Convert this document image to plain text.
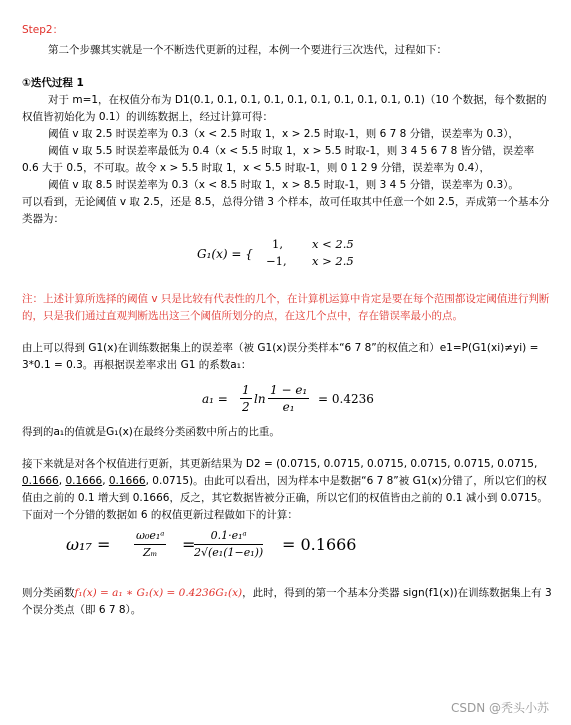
Step2：

第二个步骤其实就是一个不断迭代更新的过程，本例一个要进行三次迭代，过程如下：

①迭代过程 1

对于 m=1，在权值分布为 D1(0.1, 0.1, 0.1, 0.1, 0.1, 0.1, 0.1, 0.1, 0.1, 0.1)（10 个数据，每个数据的权值皆初始化为 0.1）的训练数据上，经过计算可得：

阈值 v 取 2.5 时误差率为 0.3（x < 2.5 时取 1，x > 2.5 时取-1，则 6 7 8 分错，误差率为 0.3），

阈值 v 取 5.5 时误差率最低为 0.4（x < 5.5 时取 1，x > 5.5 时取-1，则 3 4 5 6 7 8 皆分错，误差率 0.6 大于 0.5，不可取。故令 x > 5.5 时取 1，x < 5.5 时取-1，则 0 1 2 9 分错，误差率为 0.4），

阈值 v 取 8.5 时误差率为 0.3（x < 8.5 时取 1，x > 8.5 时取-1，则 3 4 5 分错，误差率为 0.3）。

可以看到，无论阈值 v 取 2.5，还是 8.5，总得分错 3 个样本，故可任取其中任意一个如 2.5，弄成第一个基本分类器为：

G₁(x) = {
1,	x < 2.5
−1, x > 2.5

注：上述计算所选择的阈值 v 只是比较有代表性的几个，在计算机运算中肯定是要在每个范围都设定阈值进行判断的，只是我们通过直观判断选出这三个阈值所划分的点，在这几个点中，存在错误率最小的点。

由上可以得到 G1(x)在训练数据集上的误差率（被 G1(x)误分类样本“6 7 8”的权值之和）e1=P(G1(xi)≠yi) = 3*0.1 = 0.3。再根据误差率求出 G1 的系数a₁：

$a_1 = \frac{1}{2}$ $\ln \frac{\text{1 − e₁}}{\text{e₁}} = 0.4236$

得到的a₁的值就是G₁(x)在最终分类函数中所占的比重。

接下来就是对各个权值进行更新，其更新结果为 D2 = (0.0715, 0.0715, 0.0715, 0.0715, 0.0715, 0.0715, 0.1666, 0.1666, 0.1666, 0.0715)。由此可以看出，因为样本中是数据“6 7 8”被 G1(x)分错了，所以它们的权值由之前的 0.1 增大到 0.1666，反之，其它数据皆被分正确，所以它们的权值皆由之前的 0.1 减小到 0.0715。下面对一个分错的数据如 6 的权值更新过程做如下的计算：

$\omega_{17} = \frac{\text{ω₀e₁ᵃ}}{\text{Zₘ}}$ =
$\frac{\text{0.1·e₁ᵃ}}{\text{2√(e₁(1−e₁))}} = 0.1666$

则分类函数f₁(x) = a₁ ∗ G₁(x) = 0.4236G₁(x)，此时，得到的第一个基本分类器 sign(f1(x))在训练数据集上有 3 个误分类点（即 6 7 8）。

CSDN @秃头小苏
